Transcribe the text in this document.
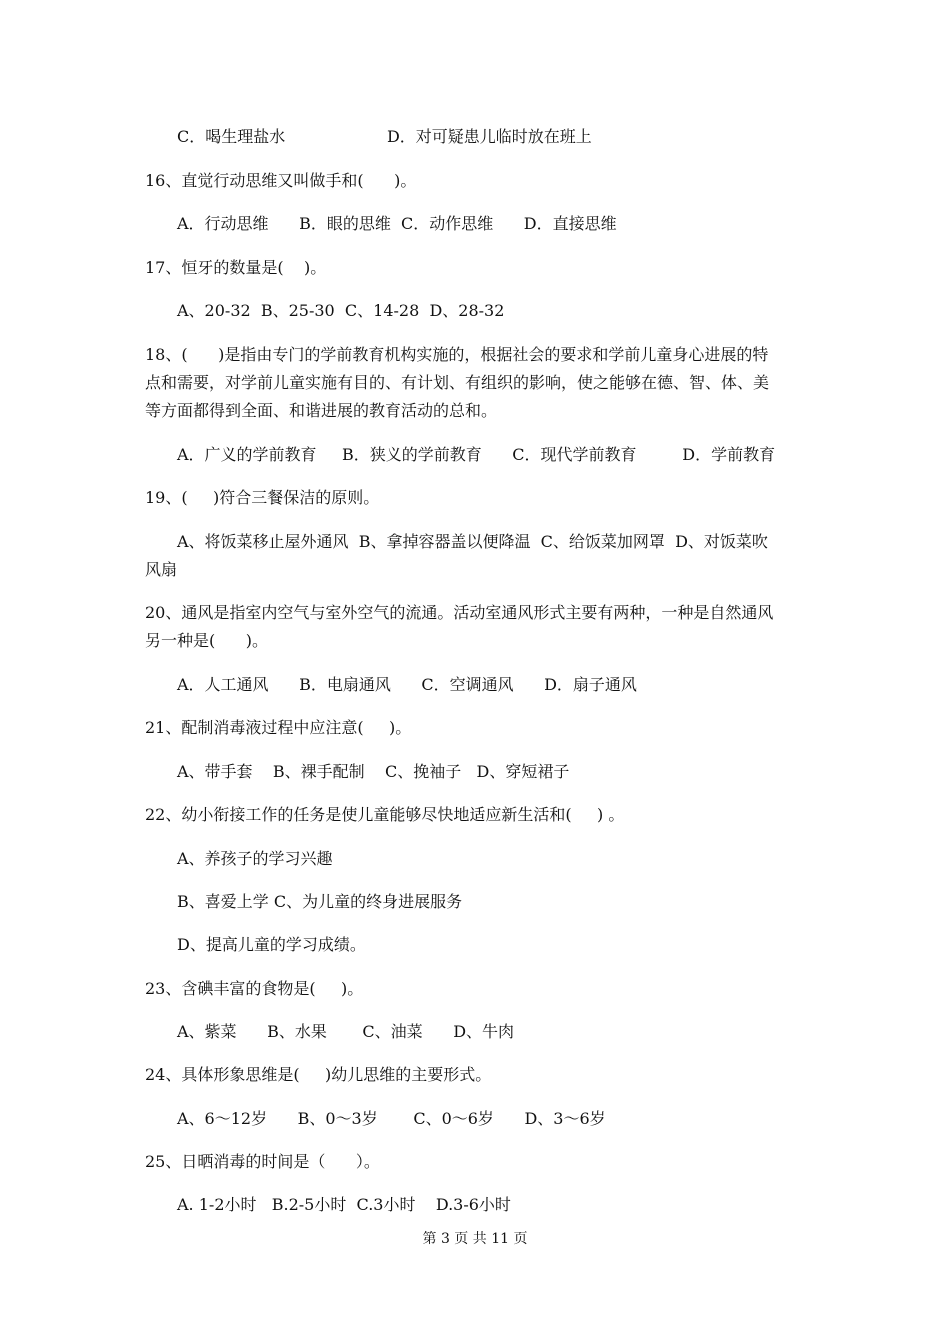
C．喝生理盐水                    D．对可疑患儿临时放在班上
16、直觉行动思维又叫做手和(      )。
A．行动思维      B．眼的思维  C．动作思维      D．直接思维
17、恒牙的数量是(    )。
A、20-32  B、25-30  C、14-28  D、28-32
18、(      )是指由专门的学前教育机构实施的，根据社会的要求和学前儿童身心进展的特
点和需要，对学前儿童实施有目的、有计划、有组织的影响，使之能够在德、智、体、美
等方面都得到全面、和谐进展的教育活动的总和。
A．广义的学前教育     B．狭义的学前教育      C．现代学前教育         D．学前教育
19、(     )符合三餐保洁的原则。
A、将饭菜移止屋外通风  B、拿掉容器盖以便降温  C、给饭菜加网罩  D、对饭菜吹
风扇
20、通风是指室内空气与室外空气的流通。活动室通风形式主要有两种，一种是自然通风
另一种是(      )。
A．人工通风      B．电扇通风      C．空调通风      D．扇子通风
21、配制消毒液过程中应注意(     )。
A、带手套    B、裸手配制    C、挽袖子   D、穿短裙子
22、幼小衔接工作的任务是使儿童能够尽快地适应新生活和(     ) 。
A、养孩子的学习兴趣
B、喜爱上学 C、为儿童的终身进展服务
D、提高儿童的学习成绩。
23、含碘丰富的食物是(     )。
A、紫菜      B、水果       C、油菜      D、牛肉
24、具体形象思维是(     )幼儿思维的主要形式。
A、6～12岁      B、0～3岁       C、0～6岁      D、3～6岁
25、日晒消毒的时间是（      ）。
A. 1-2小时   B.2-5小时  C.3小时    D.3-6小时
第 3 页 共 11 页
